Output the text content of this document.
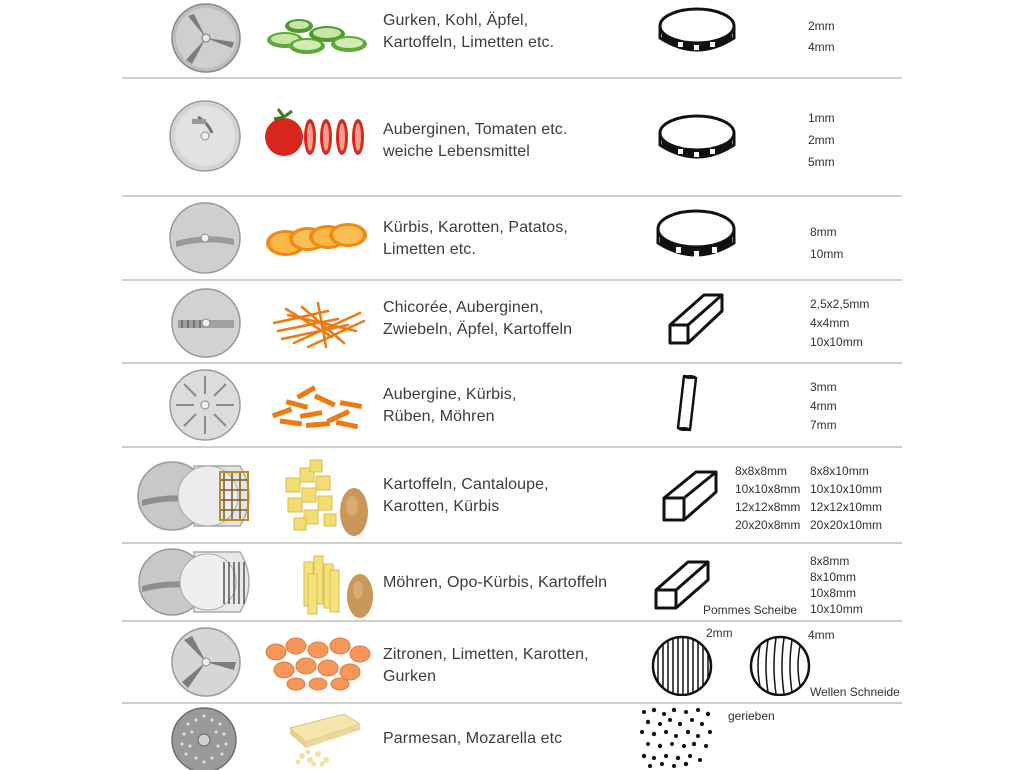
Gurken, Kohl, Äpfel,
Kartoffeln, Limetten etc.
2mm
4mm
Auberginen, Tomaten etc.
weiche Lebensmittel
1mm
2mm
5mm
Kürbis, Karotten, Patatos,
Limetten etc.
8mm
10mm
Chicorée, Auberginen,
Zwiebeln, Äpfel, Kartoffeln
2,5x2,5mm
4x4mm
10x10mm
Aubergine, Kürbis,
Rüben, Möhren
3mm
4mm
7mm
Kartoffeln, Cantaloupe,
Karotten, Kürbis
8x8x8mm
10x10x8mm
12x12x8mm
20x20x8mm
8x8x10mm
10x10x10mm
12x12x10mm
20x20x10mm
Möhren, Opo-Kürbis, Kartoffeln
Pommes Scheibe
8x8mm
8x10mm
10x8mm
10x10mm
Zitronen, Limetten, Karotten,
Gurken
2mm	4mm
Wellen Schneide
Parmesan, Mozarella etc
gerieben
